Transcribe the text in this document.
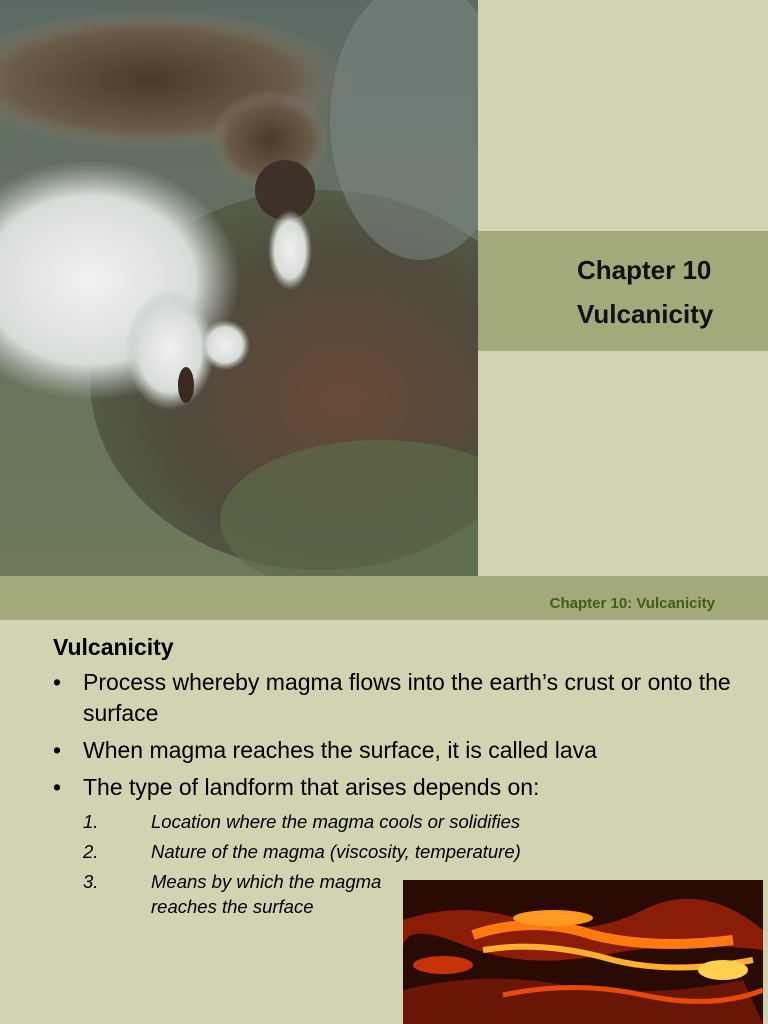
Chapter 10
Vulcanicity
Chapter 10: Vulcanicity
Vulcanicity
• Process whereby magma flows into the earth’s crust or onto the surface
• When magma reaches the surface, it is called lava
• The type of landform that arises depends on:
1.	Location where the magma cools or solidifies
2.	Nature of the magma (viscosity, temperature)
3.	Means by which the magma reaches the surface
